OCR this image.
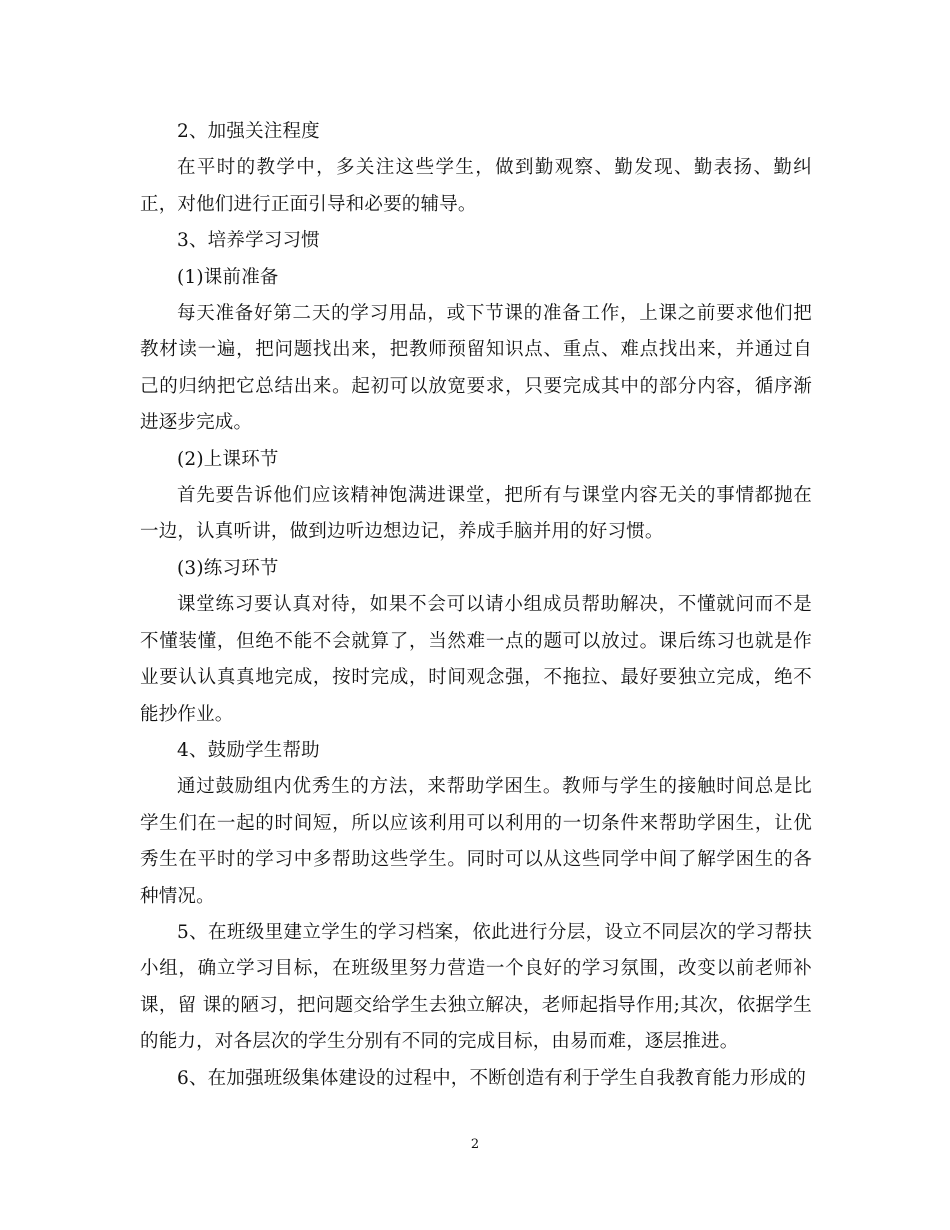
2、加强关注程度

在平时的教学中，多关注这些学生，做到勤观察、勤发现、勤表扬、勤纠正，对他们进行正面引导和必要的辅导。

3、培养学习习惯

(1)课前准备

每天准备好第二天的学习用品，或下节课的准备工作，上课之前要求他们把教材读一遍，把问题找出来，把教师预留知识点、重点、难点找出来，并通过自己的归纳把它总结出来。起初可以放宽要求，只要完成其中的部分内容，循序渐进逐步完成。

(2)上课环节

首先要告诉他们应该精神饱满进课堂，把所有与课堂内容无关的事情都抛在一边，认真听讲，做到边听边想边记，养成手脑并用的好习惯。

(3)练习环节

课堂练习要认真对待，如果不会可以请小组成员帮助解决，不懂就问而不是不懂装懂，但绝不能不会就算了，当然难一点的题可以放过。课后练习也就是作业要认认真真地完成，按时完成，时间观念强，不拖拉、最好要独立完成，绝不能抄作业。

4、鼓励学生帮助

通过鼓励组内优秀生的方法，来帮助学困生。教师与学生的接触时间总是比学生们在一起的时间短，所以应该利用可以利用的一切条件来帮助学困生，让优秀生在平时的学习中多帮助这些学生。同时可以从这些同学中间了解学困生的各种情况。

5、在班级里建立学生的学习档案，依此进行分层，设立不同层次的学习帮扶小组，确立学习目标，在班级里努力营造一个良好的学习氛围，改变以前老师补课，留 课的陋习，把问题交给学生去独立解决，老师起指导作用;其次，依据学生的能力，对各层次的学生分别有不同的完成目标，由易而难，逐层推进。

6、在加强班级集体建设的过程中，不断创造有利于学生自我教育能力形成的

2
